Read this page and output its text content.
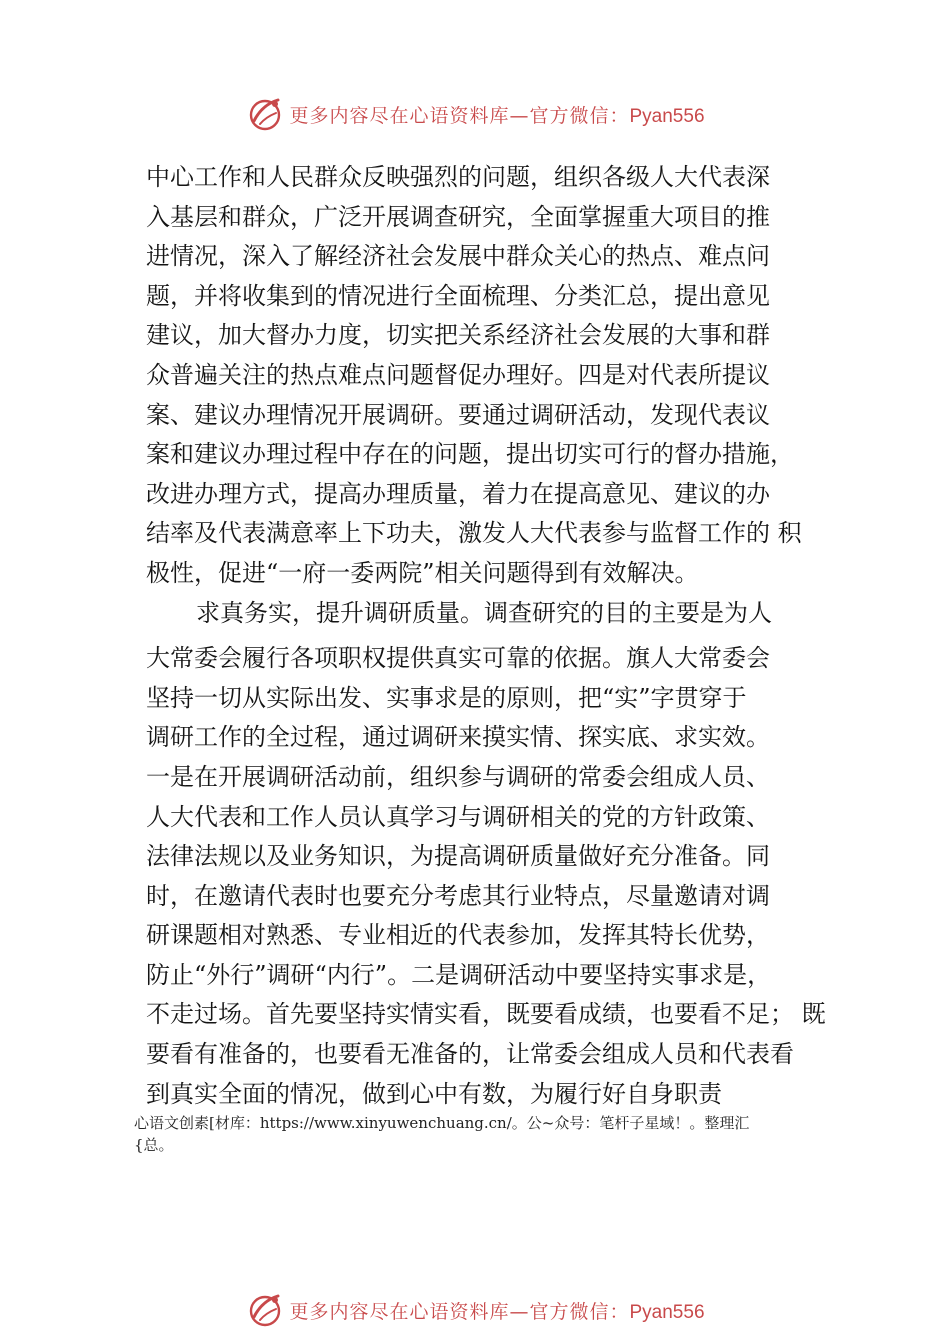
更多内容尽在心语资料库—官方微信：Pyan556
中心工作和人民群众反映强烈的问题，组织各级人大代表深
入基层和群众，广泛开展调查研究，全面掌握重大项目的推
进情况，深入了解经济社会发展中群众关心的热点、难点问
题，并将收集到的情况进行全面梳理、分类汇总，提出意见
建议，加大督办力度，切实把关系经济社会发展的大事和群
众普遍关注的热点难点问题督促办理好。四是对代表所提议
案、建议办理情况开展调研。要通过调研活动，发现代表议
案和建议办理过程中存在的问题，提出切实可行的督办措施，
改进办理方式，提高办理质量，着力在提高意见、建议的办
结率及代表满意率上下功夫，激发人大代表参与监督工作的 积
极性，促进“一府一委两院”相关问题得到有效解决。
求真务实，提升调研质量。调查研究的目的主要是为人
大常委会履行各项职权提供真实可靠的依据。旗人大常委会
坚持一切从实际出发、实事求是的原则，把“实”字贯穿于
调研工作的全过程，通过调研来摸实情、探实底、求实效。
一是在开展调研活动前，组织参与调研的常委会组成人员、
人大代表和工作人员认真学习与调研相关的党的方针政策、
法律法规以及业务知识，为提高调研质量做好充分准备。同
时，在邀请代表时也要充分考虑其行业特点，尽量邀请对调
研课题相对熟悉、专业相近的代表参加，发挥其特长优势，
防止“外行”调研“内行”。二是调研活动中要坚持实事求是，
不走过场。首先要坚持实情实看，既要看成绩，也要看不足； 既
要看有准备的，也要看无准备的，让常委会组成人员和代表看
到真实全面的情况，做到心中有数，为履行好自身职责
心语文创素[材库：https://www.xinyuwenchuang.cn/。公~众号：笔杆子星域！。整理汇
{总。
更多内容尽在心语资料库—官方微信：Pyan556
